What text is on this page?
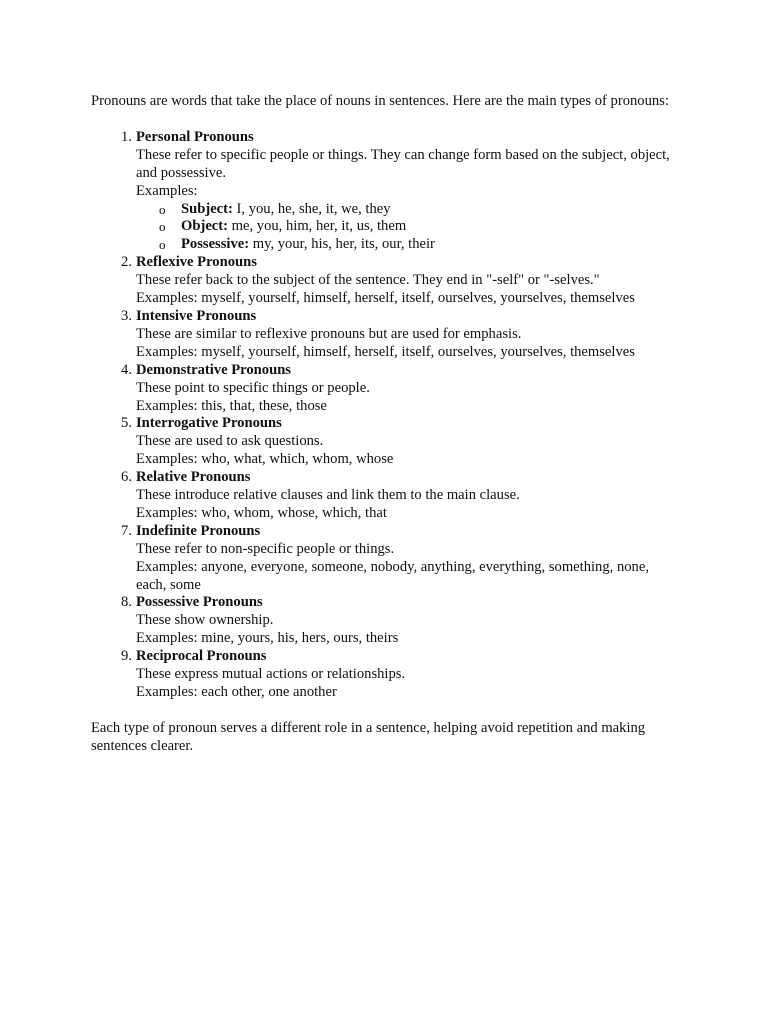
Pronouns are words that take the place of nouns in sentences. Here are the main types of pronouns:

1. Personal Pronouns
These refer to specific people or things. They can change form based on the subject, object, and possessive.
Examples:
o Subject: I, you, he, she, it, we, they
o Object: me, you, him, her, it, us, them
o Possessive: my, your, his, her, its, our, their
2. Reflexive Pronouns
These refer back to the subject of the sentence. They end in "-self" or "-selves."
Examples: myself, yourself, himself, herself, itself, ourselves, yourselves, themselves
3. Intensive Pronouns
These are similar to reflexive pronouns but are used for emphasis.
Examples: myself, yourself, himself, herself, itself, ourselves, yourselves, themselves
4. Demonstrative Pronouns
These point to specific things or people.
Examples: this, that, these, those
5. Interrogative Pronouns
These are used to ask questions.
Examples: who, what, which, whom, whose
6. Relative Pronouns
These introduce relative clauses and link them to the main clause.
Examples: who, whom, whose, which, that
7. Indefinite Pronouns
These refer to non-specific people or things.
Examples: anyone, everyone, someone, nobody, anything, everything, something, none, each, some
8. Possessive Pronouns
These show ownership.
Examples: mine, yours, his, hers, ours, theirs
9. Reciprocal Pronouns
These express mutual actions or relationships.
Examples: each other, one another

Each type of pronoun serves a different role in a sentence, helping avoid repetition and making sentences clearer.
